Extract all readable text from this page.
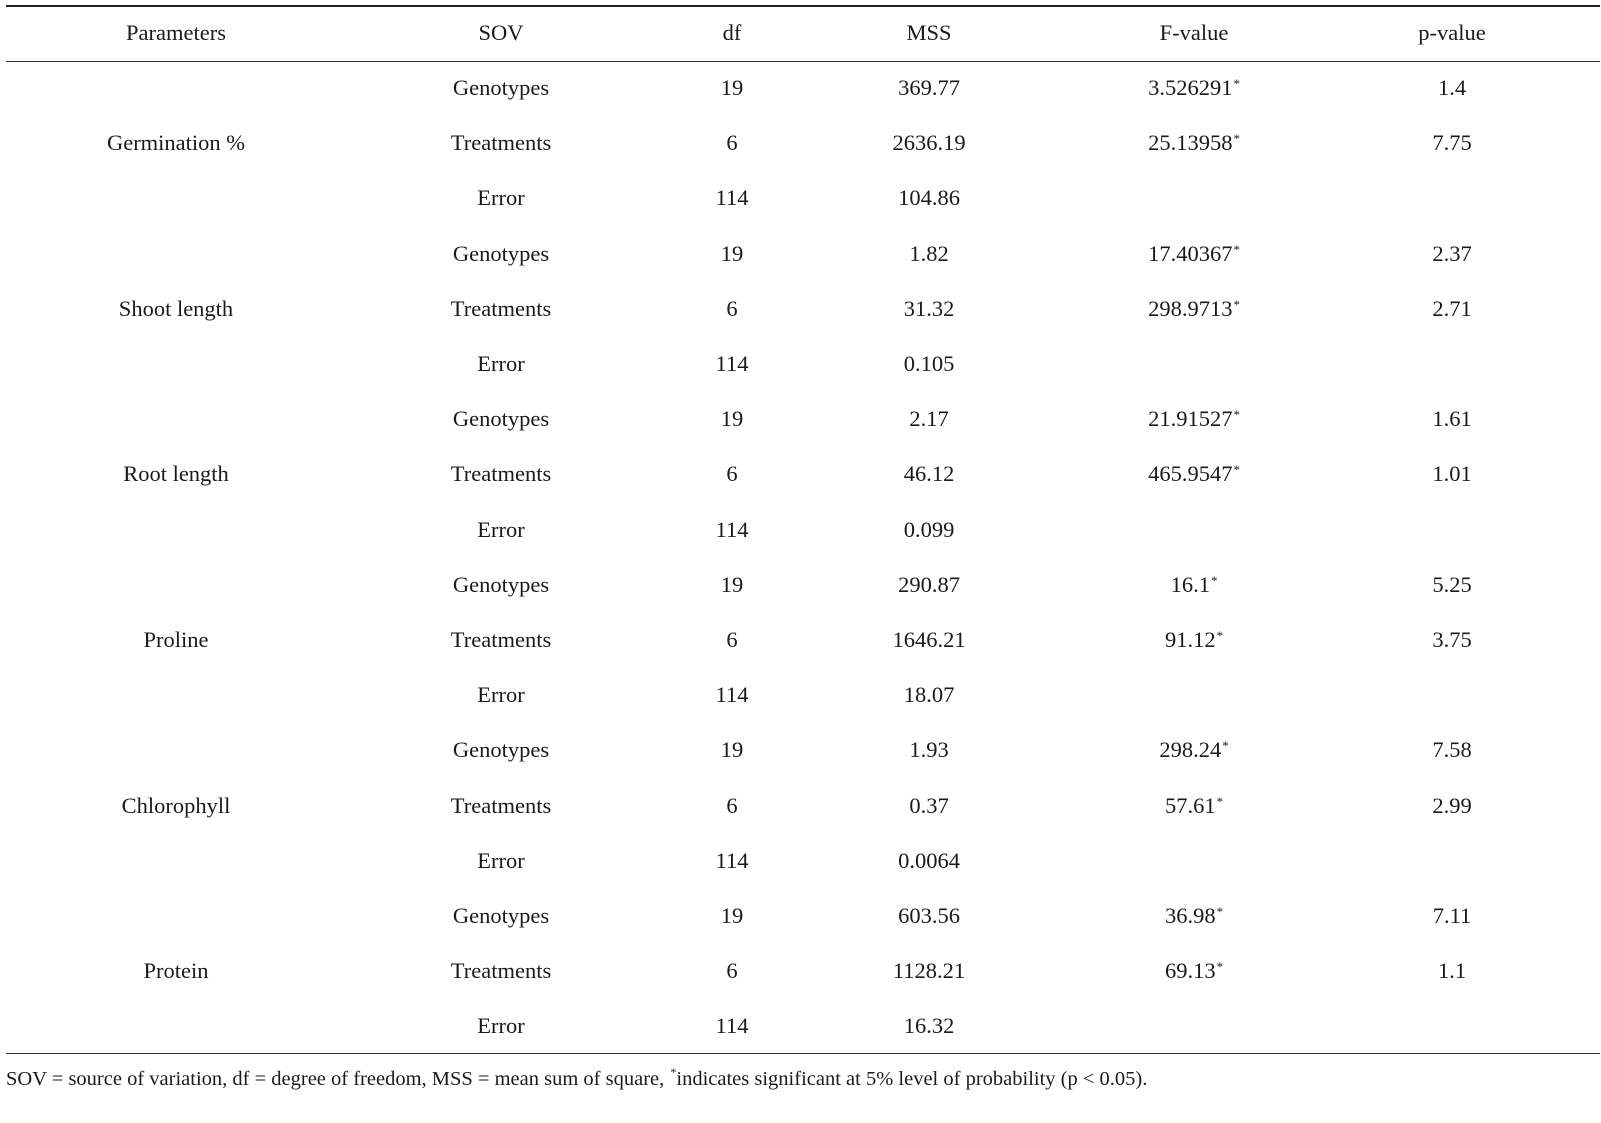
Parameters	SOV	df	MSS	F-value	p-value
Germination %
Genotypes	19	369.77	3.526291*	1.4
Treatments	6	2636.19	25.13958*	7.75
Error	114	104.86
Shoot length
Genotypes	19	1.82	17.40367*	2.37
Treatments	6	31.32	298.9713*	2.71
Error	114	0.105
Root length
Genotypes	19	2.17	21.91527*	1.61
Treatments	6	46.12	465.9547*	1.01
Error	114	0.099
Proline
Genotypes	19	290.87	16.1*	5.25
Treatments	6	1646.21	91.12*	3.75
Error	114	18.07
Chlorophyll
Genotypes	19	1.93	298.24*	7.58
Treatments	6	0.37	57.61*	2.99
Error	114	0.0064
Protein
Genotypes	19	603.56	36.98*	7.11
Treatments	6	1128.21	69.13*	1.1
Error	114	16.32
SOV = source of variation, df = degree of freedom, MSS = mean sum of square, *indicates significant at 5% level of probability (p < 0.05).
